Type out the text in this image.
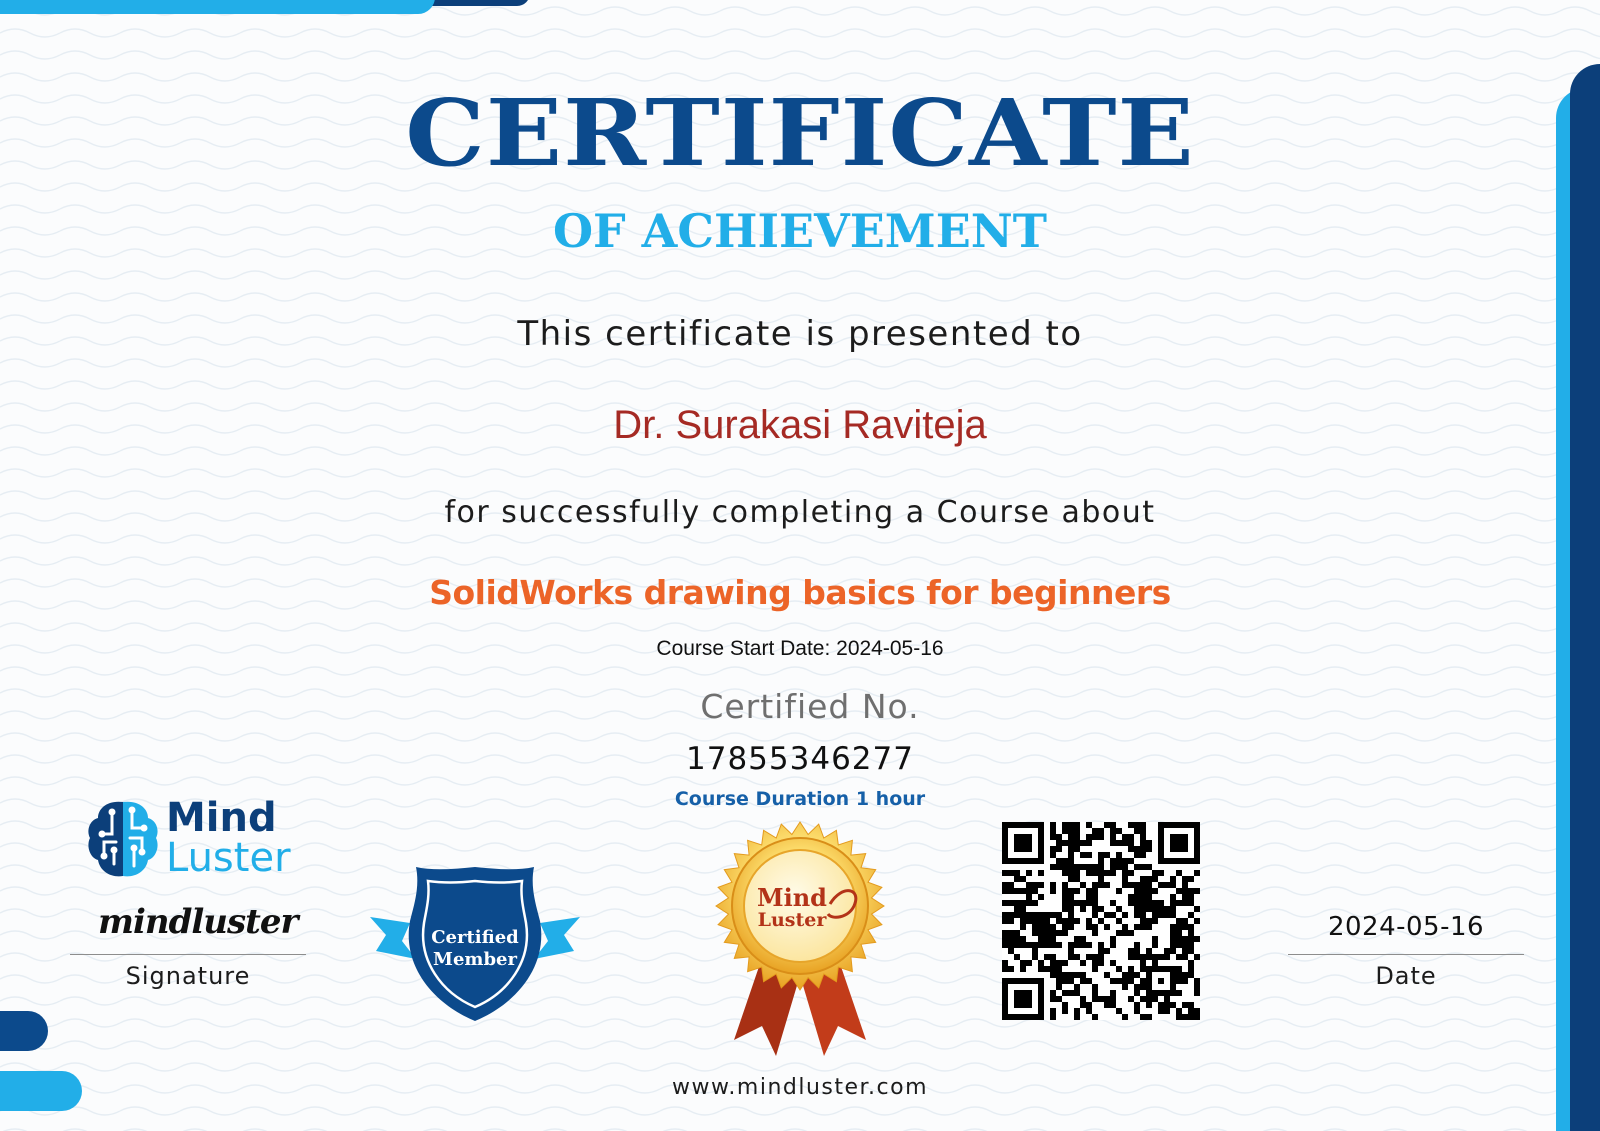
CERTIFICATE
OF ACHIEVEMENT
This certificate is presented to
Dr. Surakasi Raviteja
for successfully completing a Course about
SolidWorks drawing basics for beginners
Course Start Date: 2024-05-16
Certified No.
17855346277
Course Duration 1 hour
www.mindluster.com
Mind
Luster
mindluster
Signature
Certified
Member
Mind
Luster	2024-05-16
Date
